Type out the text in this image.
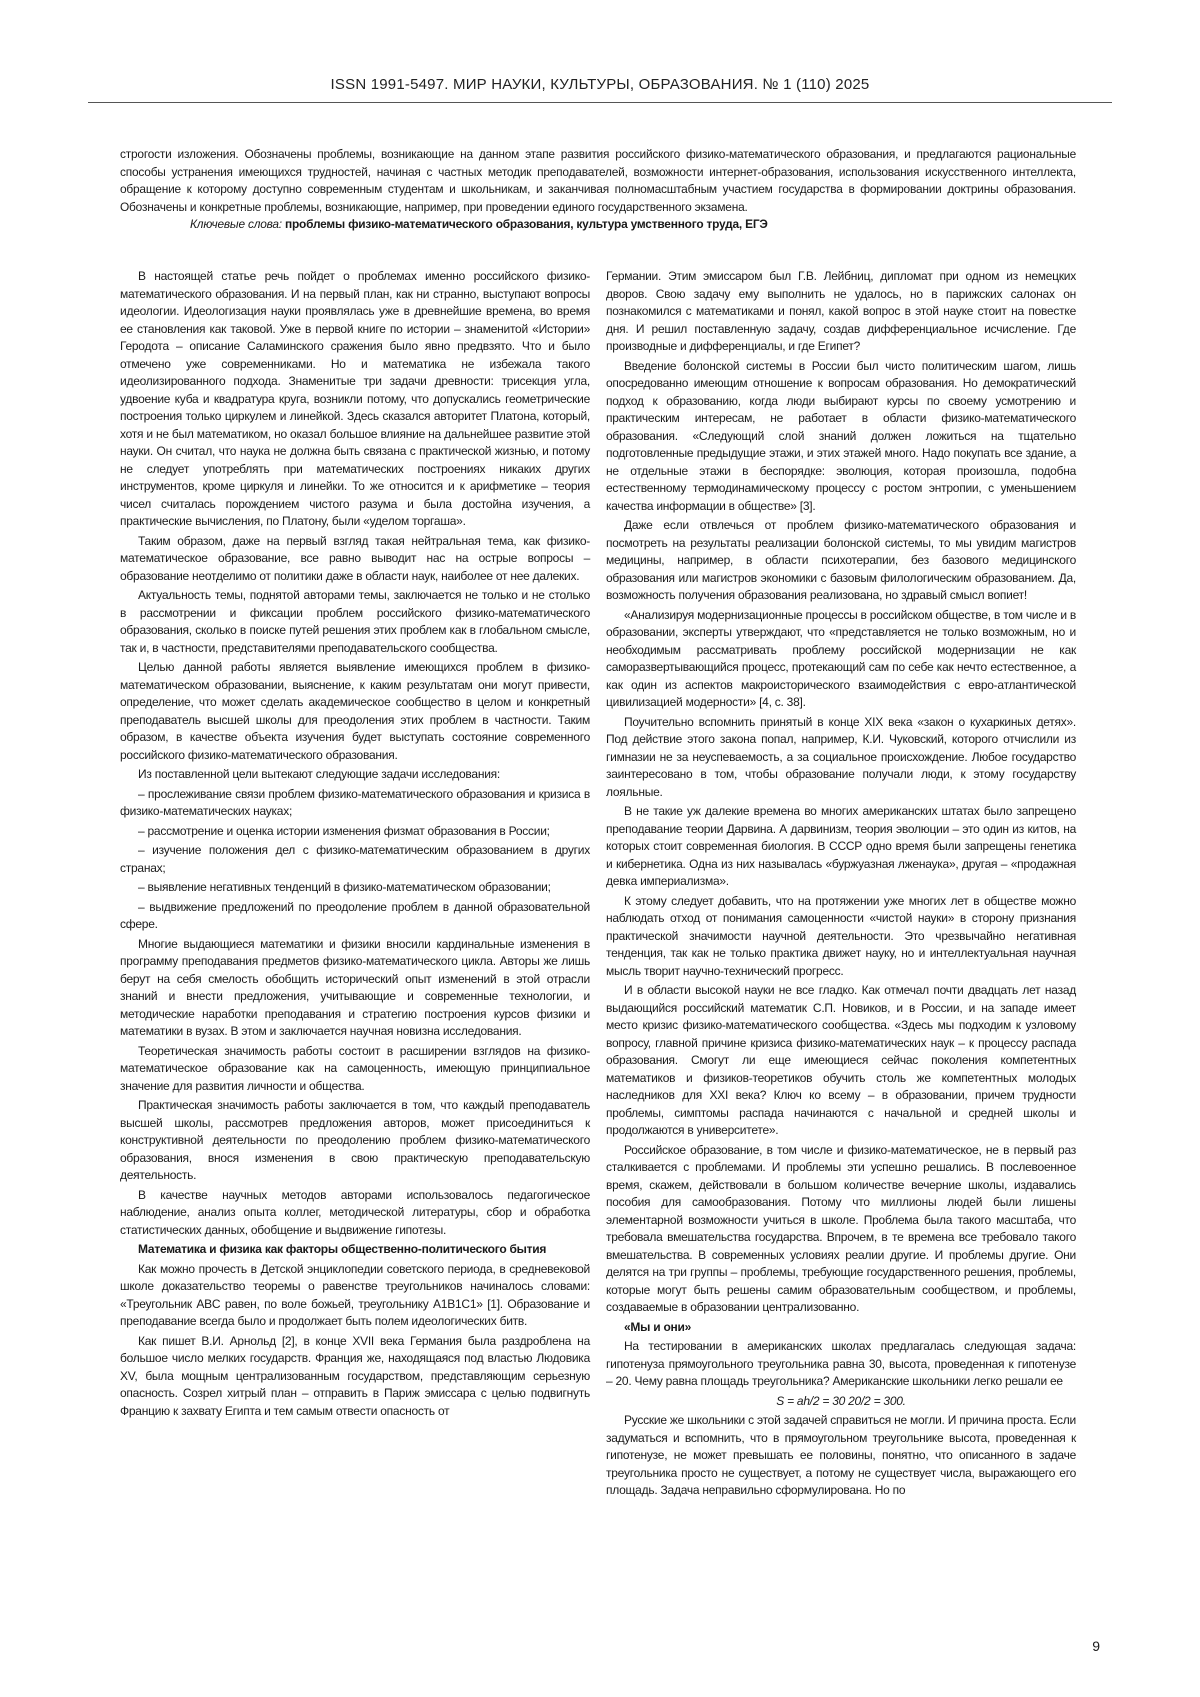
ISSN 1991-5497. МИР НАУКИ, КУЛЬТУРЫ, ОБРАЗОВАНИЯ. № 1 (110) 2025

строгости изложения. Обозначены проблемы, возникающие на данном этапе развития российского физико-математического образования, и предлагаются рациональные способы устранения имеющихся трудностей, начиная с частных методик преподавателей, возможности интернет-образования, использования искусственного интеллекта, обращение к которому доступно современным студентам и школьникам, и заканчивая полномасштабным участием государства в формировании доктрины образования. Обозначены и конкретные проблемы, возникающие, например, при проведении единого государственного экзамена.

Ключевые слова: проблемы физико-математического образования, культура умственного труда, ЕГЭ

В настоящей статье речь пойдет о проблемах именно российского физико-математического образования. И на первый план, как ни странно, выступают вопросы идеологии. Идеологизация науки проявлялась уже в древнейшие времена, во время ее становления как таковой. Уже в первой книге по истории – знаменитой «Истории» Геродота – описание Саламинского сражения было явно предвзято. Что и было отмечено уже современниками. Но и математика не избежала такого идеолизированного подхода. Знаменитые три задачи древности: трисекция угла, удвоение куба и квадратура круга, возникли потому, что допускались геометрические построения только циркулем и линейкой. Здесь сказался авторитет Платона, который, хотя и не был математиком, но оказал большое влияние на дальнейшее развитие этой науки. Он считал, что наука не должна быть связана с практической жизнью, и потому не следует употреблять при математических построениях никаких других инструментов, кроме циркуля и линейки. То же относится и к арифметике – теория чисел считалась порождением чистого разума и была достойна изучения, а практические вычисления, по Платону, были «уделом торгаша».

Таким образом, даже на первый взгляд такая нейтральная тема, как физико-математическое образование, все равно выводит нас на острые вопросы – образование неотделимо от политики даже в области наук, наиболее от нее далеких.

Актуальность темы, поднятой авторами темы, заключается не только и не столько в рассмотрении и фиксации проблем российского физико-математического образования, сколько в поиске путей решения этих проблем как в глобальном смысле, так и, в частности, представителями преподавательского сообщества.

Целью данной работы является выявление имеющихся проблем в физико-математическом образовании, выяснение, к каким результатам они могут привести, определение, что может сделать академическое сообщество в целом и конкретный преподаватель высшей школы для преодоления этих проблем в частности. Таким образом, в качестве объекта изучения будет выступать состояние современного российского физико-математического образования.

Из поставленной цели вытекают следующие задачи исследования:

– прослеживание связи проблем физико-математического образования и кризиса в физико-математических науках;

– рассмотрение и оценка истории изменения физмат образования в России;

– изучение положения дел с физико-математическим образованием в других странах;

– выявление негативных тенденций в физико-математическом образовании;

– выдвижение предложений по преодоление проблем в данной образовательной сфере.

Многие выдающиеся математики и физики вносили кардинальные изменения в программу преподавания предметов физико-математического цикла. Авторы же лишь берут на себя смелость обобщить исторический опыт изменений в этой отрасли знаний и внести предложения, учитывающие и современные технологии, и методические наработки преподавания и стратегию построения курсов физики и математики в вузах. В этом и заключается научная новизна исследования.

Теоретическая значимость работы состоит в расширении взглядов на физико-математическое образование как на самоценность, имеющую принципиальное значение для развития личности и общества.

Практическая значимость работы заключается в том, что каждый преподаватель высшей школы, рассмотрев предложения авторов, может присоединиться к конструктивной деятельности по преодолению проблем физико-математического образования, внося изменения в свою практическую преподавательскую деятельность.

В качестве научных методов авторами использовалось педагогическое наблюдение, анализ опыта коллег, методической литературы, сбор и обработка статистических данных, обобщение и выдвижение гипотезы.

Математика и физика как факторы общественно-политического бытия

Как можно прочесть в Детской энциклопедии советского периода, в средневековой школе доказательство теоремы о равенстве треугольников начиналось словами: «Треугольник ABC равен, по воле божьей, треугольнику A1B1C1» [1]. Образование и преподавание всегда было и продолжает быть полем идеологических битв.

Как пишет В.И. Арнольд [2], в конце XVII века Германия была раздроблена на большое число мелких государств. Франция же, находящаяся под властью Людовика XV, была мощным централизованным государством, представляющим серьезную опасность. Созрел хитрый план – отправить в Париж эмиссара с целью подвигнуть Францию к захвату Египта и тем самым отвести опасность от

Германии. Этим эмиссаром был Г.В. Лейбниц, дипломат при одном из немецких дворов. Свою задачу ему выполнить не удалось, но в парижских салонах он познакомился с математиками и понял, какой вопрос в этой науке стоит на повестке дня. И решил поставленную задачу, создав дифференциальное исчисление. Где производные и дифференциалы, и где Египет?

Введение болонской системы в России был чисто политическим шагом, лишь опосредованно имеющим отношение к вопросам образования. Но демократический подход к образованию, когда люди выбирают курсы по своему усмотрению и практическим интересам, не работает в области физико-математического образования. «Следующий слой знаний должен ложиться на тщательно подготовленные предыдущие этажи, и этих этажей много. Надо покупать все здание, а не отдельные этажи в беспорядке: эволюция, которая произошла, подобна естественному термодинамическому процессу с ростом энтропии, с уменьшением качества информации в обществе» [3].

Даже если отвлечься от проблем физико-математического образования и посмотреть на результаты реализации болонской системы, то мы увидим магистров медицины, например, в области психотерапии, без базового медицинского образования или магистров экономики с базовым филологическим образованием. Да, возможность получения образования реализована, но здравый смысл вопиет!

«Анализируя модернизационные процессы в российском обществе, в том числе и в образовании, эксперты утверждают, что «представляется не только возможным, но и необходимым рассматривать проблему российской модернизации не как саморазвертывающийся процесс, протекающий сам по себе как нечто естественное, а как один из аспектов макроисторического взаимодействия с евро-атлантической цивилизацией модерности» [4, с. 38].

Поучительно вспомнить принятый в конце XIX века «закон о кухаркиных детях». Под действие этого закона попал, например, К.И. Чуковский, которого отчислили из гимназии не за неуспеваемость, а за социальное происхождение. Любое государство заинтересовано в том, чтобы образование получали люди, к этому государству лояльные.

В не такие уж далекие времена во многих американских штатах было запрещено преподавание теории Дарвина. А дарвинизм, теория эволюции – это один из китов, на которых стоит современная биология. В СССР одно время были запрещены генетика и кибернетика. Одна из них называлась «буржуазная лженаука», другая – «продажная девка империализма».

К этому следует добавить, что на протяжении уже многих лет в обществе можно наблюдать отход от понимания самоценности «чистой науки» в сторону признания практической значимости научной деятельности. Это чрезвычайно негативная тенденция, так как не только практика движет науку, но и интеллектуальная научная мысль творит научно-технический прогресс.

И в области высокой науки не все гладко. Как отмечал почти двадцать лет назад выдающийся российский математик С.П. Новиков, и в России, и на западе имеет место кризис физико-математического сообщества. «Здесь мы подходим к узловому вопросу, главной причине кризиса физико-математических наук – к процессу распада образования. Смогут ли еще имеющиеся сейчас поколения компетентных математиков и физиков-теоретиков обучить столь же компетентных молодых наследников для XXI века? Ключ ко всему – в образовании, причем трудности проблемы, симптомы распада начинаются с начальной и средней школы и продолжаются в университете».

Российское образование, в том числе и физико-математическое, не в первый раз сталкивается с проблемами. И проблемы эти успешно решались. В послевоенное время, скажем, действовали в большом количестве вечерние школы, издавались пособия для самообразования. Потому что миллионы людей были лишены элементарной возможности учиться в школе. Проблема была такого масштаба, что требовала вмешательства государства. Впрочем, в те времена все требовало такого вмешательства. В современных условиях реалии другие. И проблемы другие. Они делятся на три группы – проблемы, требующие государственного решения, проблемы, которые могут быть решены самим образовательным сообществом, и проблемы, создаваемые в образовании централизованно.

«Мы и они»

На тестировании в американских школах предлагалась следующая задача: гипотенуза прямоугольного треугольника равна 30, высота, проведенная к гипотенузе – 20. Чему равна площадь треугольника? Американские школьники легко решали ее

S = ah/2 = 30 20/2 = 300.

Русские же школьники с этой задачей справиться не могли. И причина проста. Если задуматься и вспомнить, что в прямоугольном треугольнике высота, проведенная к гипотенузе, не может превышать ее половины, понятно, что описанного в задаче треугольника просто не существует, а потому не существует числа, выражающего его площадь. Задача неправильно сформулирована. Но по

9
